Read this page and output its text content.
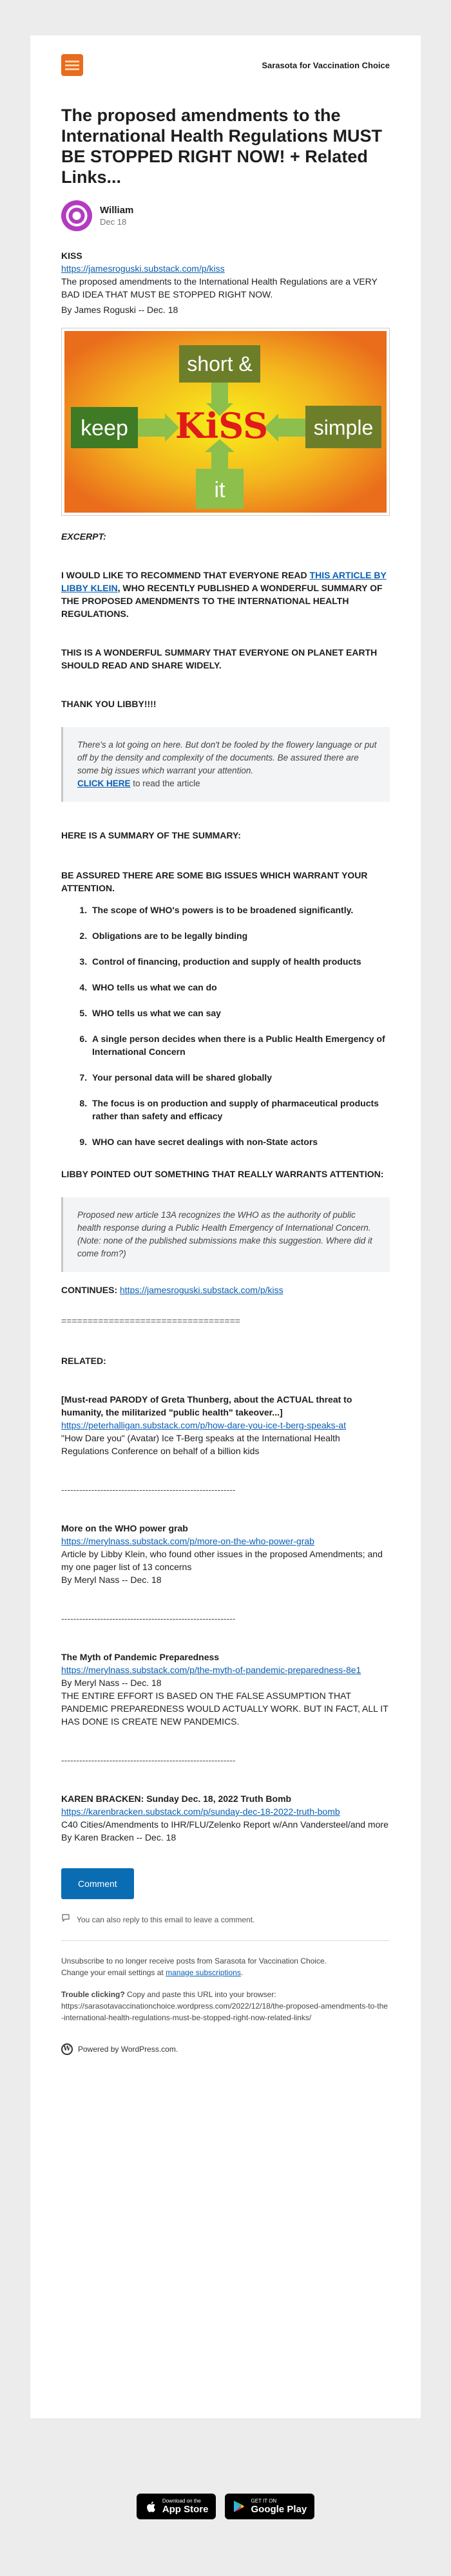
Sarasota for Vaccination Choice
The proposed amendments to the International Health Regulations MUST BE STOPPED RIGHT NOW! + Related Links...
William
Dec 18
KISS
https://jamesroguski.substack.com/p/kiss
The proposed amendments to the International Health Regulations are a VERY BAD IDEA THAT MUST BE STOPPED RIGHT NOW.
By James Roguski -- Dec. 18
short &
keep	simple
it
KiSS
EXCERPT:
I WOULD LIKE TO RECOMMEND THAT EVERYONE READ THIS ARTICLE BY LIBBY KLEIN, WHO RECENTLY PUBLISHED A WONDERFUL SUMMARY OF THE PROPOSED AMENDMENTS TO THE INTERNATIONAL HEALTH REGULATIONS.
THIS IS A WONDERFUL SUMMARY THAT EVERYONE ON PLANET EARTH SHOULD READ AND SHARE WIDELY.
THANK YOU LIBBY!!!!
There's a lot going on here. But don't be fooled by the flowery language or put off by the density and complexity of the documents. Be assured there are some big issues which warrant your attention.
CLICK HERE to read the article
HERE IS A SUMMARY OF THE SUMMARY:
BE ASSURED THERE ARE SOME BIG ISSUES WHICH WARRANT YOUR ATTENTION.
1. The scope of WHO's powers is to be broadened significantly.
2. Obligations are to be legally binding
3. Control of financing, production and supply of health products
4. WHO tells us what we can do
5. WHO tells us what we can say
6. A single person decides when there is a Public Health Emergency of International Concern
7. Your personal data will be shared globally
8. The focus is on production and supply of pharmaceutical products rather than safety and efficacy
9. WHO can have secret dealings with non-State actors
LIBBY POINTED OUT SOMETHING THAT REALLY WARRANTS ATTENTION:
Proposed new article 13A recognizes the WHO as the authority of public health response during a Public Health Emergency of International Concern. (Note: none of the published submissions make this suggestion. Where did it come from?)
CONTINUES: https://jamesroguski.substack.com/p/kiss
==================================
RELATED:
[Must-read PARODY of Greta Thunberg, about the ACTUAL threat to humanity, the militarized "public health" takeover...]
https://peterhalligan.substack.com/p/how-dare-you-ice-t-berg-speaks-at
"How Dare you" (Avatar) Ice T-Berg speaks at the International Health Regulations Conference on behalf of a billion kids
----------------------------------------------------------
More on the WHO power grab
https://merylnass.substack.com/p/more-on-the-who-power-grab
Article by Libby Klein, who found other issues in the proposed Amendments; and my one pager list of 13 concerns
By Meryl Nass -- Dec. 18
----------------------------------------------------------
The Myth of Pandemic Preparedness
https://merylnass.substack.com/p/the-myth-of-pandemic-preparedness-8e1
By Meryl Nass -- Dec. 18
THE ENTIRE EFFORT IS BASED ON THE FALSE ASSUMPTION THAT PANDEMIC PREPAREDNESS WOULD ACTUALLY WORK. BUT IN FACT, ALL IT HAS DONE IS CREATE NEW PANDEMICS.
----------------------------------------------------------
KAREN BRACKEN: Sunday Dec. 18, 2022 Truth Bomb
https://karenbracken.substack.com/p/sunday-dec-18-2022-truth-bomb
C40 Cities/Amendments to IHR/FLU/Zelenko Report w/Ann Vandersteel/and more
By Karen Bracken -- Dec. 18
Comment
You can also reply to this email to leave a comment.
Unsubscribe to no longer receive posts from Sarasota for Vaccination Choice.
Change your email settings at manage subscriptions.
Trouble clicking? Copy and paste this URL into your browser:
https://sarasotavaccinationchoice.wordpress.com/2022/12/18/the-proposed-amendments-to-the-international-health-regulations-must-be-stopped-right-now-related-links/
W Powered by WordPress.com.
Download on the
App Store
GET IT ON
Google Play
